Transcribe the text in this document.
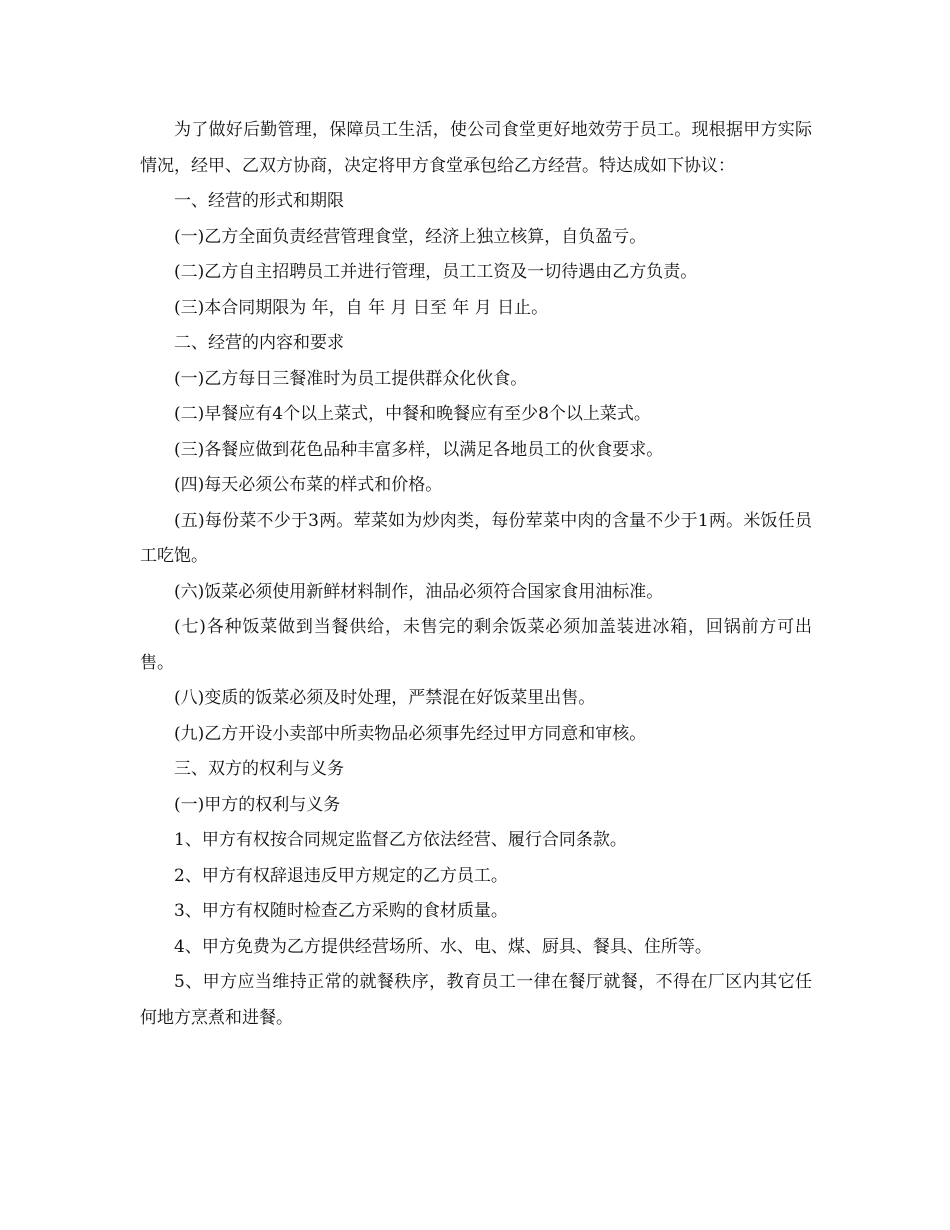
为了做好后勤管理，保障员工生活，使公司食堂更好地效劳于员工。现根据甲方实际情况，经甲、乙双方协商，决定将甲方食堂承包给乙方经营。特达成如下协议：

一、经营的形式和期限

(一)乙方全面负责经营管理食堂，经济上独立核算，自负盈亏。

(二)乙方自主招聘员工并进行管理，员工工资及一切待遇由乙方负责。

(三)本合同期限为 年，自 年 月 日至 年 月 日止。

二、经营的内容和要求

(一)乙方每日三餐准时为员工提供群众化伙食。

(二)早餐应有4个以上菜式，中餐和晚餐应有至少8个以上菜式。

(三)各餐应做到花色品种丰富多样，以满足各地员工的伙食要求。

(四)每天必须公布菜的样式和价格。

(五)每份菜不少于3两。荤菜如为炒肉类，每份荤菜中肉的含量不少于1两。米饭任员工吃饱。

(六)饭菜必须使用新鲜材料制作，油品必须符合国家食用油标准。

(七)各种饭菜做到当餐供给，未售完的剩余饭菜必须加盖装进冰箱，回锅前方可出售。

(八)变质的饭菜必须及时处理，严禁混在好饭菜里出售。

(九)乙方开设小卖部中所卖物品必须事先经过甲方同意和审核。

三、双方的权利与义务

(一)甲方的权利与义务

1、甲方有权按合同规定监督乙方依法经营、履行合同条款。

2、甲方有权辞退违反甲方规定的乙方员工。

3、甲方有权随时检查乙方采购的食材质量。

4、甲方免费为乙方提供经营场所、水、电、煤、厨具、餐具、住所等。

5、甲方应当维持正常的就餐秩序，教育员工一律在餐厅就餐，不得在厂区内其它任何地方烹煮和进餐。
